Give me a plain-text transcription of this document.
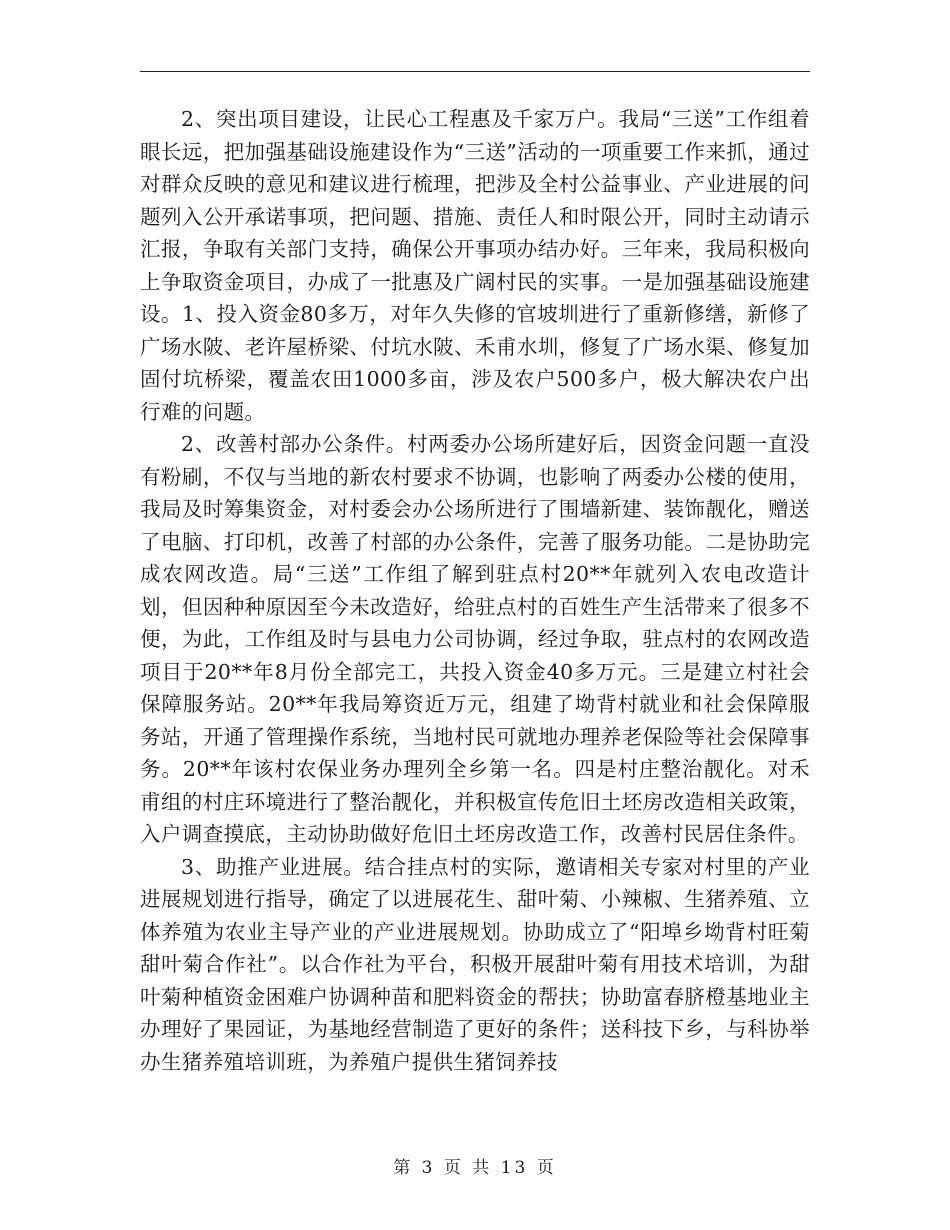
2、突出项目建设，让民心工程惠及千家万户。我局“三送”工作组着眼长远，把加强基础设施建设作为“三送”活动的一项重要工作来抓，通过对群众反映的意见和建议进行梳理，把涉及全村公益事业、产业进展的问题列入公开承诺事项，把问题、措施、责任人和时限公开，同时主动请示汇报，争取有关部门支持，确保公开事项办结办好。三年来，我局积极向上争取资金项目，办成了一批惠及广阔村民的实事。一是加强基础设施建设。1、投入资金80多万，对年久失修的官坡圳进行了重新修缮，新修了广场水陂、老许屋桥梁、付坑水陂、禾甫水圳，修复了广场水渠、修复加固付坑桥梁，覆盖农田1000多亩，涉及农户500多户，极大解决农户出行难的问题。

2、改善村部办公条件。村两委办公场所建好后，因资金问题一直没有粉刷，不仅与当地的新农村要求不协调，也影响了两委办公楼的使用，我局及时筹集资金，对村委会办公场所进行了围墙新建、装饰靓化，赠送了电脑、打印机，改善了村部的办公条件，完善了服务功能。二是协助完成农网改造。局“三送”工作组了解到驻点村20**年就列入农电改造计划，但因种种原因至今未改造好，给驻点村的百姓生产生活带来了很多不便，为此，工作组及时与县电力公司协调，经过争取，驻点村的农网改造项目于20**年8月份全部完工，共投入资金40多万元。三是建立村社会保障服务站。20**年我局筹资近万元，组建了坳背村就业和社会保障服务站，开通了管理操作系统，当地村民可就地办理养老保险等社会保障事务。20**年该村农保业务办理列全乡第一名。四是村庄整治靓化。对禾甫组的村庄环境进行了整治靓化，并积极宣传危旧土坯房改造相关政策，入户调查摸底，主动协助做好危旧土坯房改造工作，改善村民居住条件。

3、助推产业进展。结合挂点村的实际，邀请相关专家对村里的产业进展规划进行指导，确定了以进展花生、甜叶菊、小辣椒、生猪养殖、立体养殖为农业主导产业的产业进展规划。协助成立了“阳埠乡坳背村旺菊甜叶菊合作社”。以合作社为平台，积极开展甜叶菊有用技术培训，为甜叶菊种植资金困难户协调种苗和肥料资金的帮扶；协助富春脐橙基地业主办理好了果园证，为基地经营制造了更好的条件；送科技下乡，与科协举办生猪养殖培训班，为养殖户提供生猪饲养技

第 3 页 共 13 页
